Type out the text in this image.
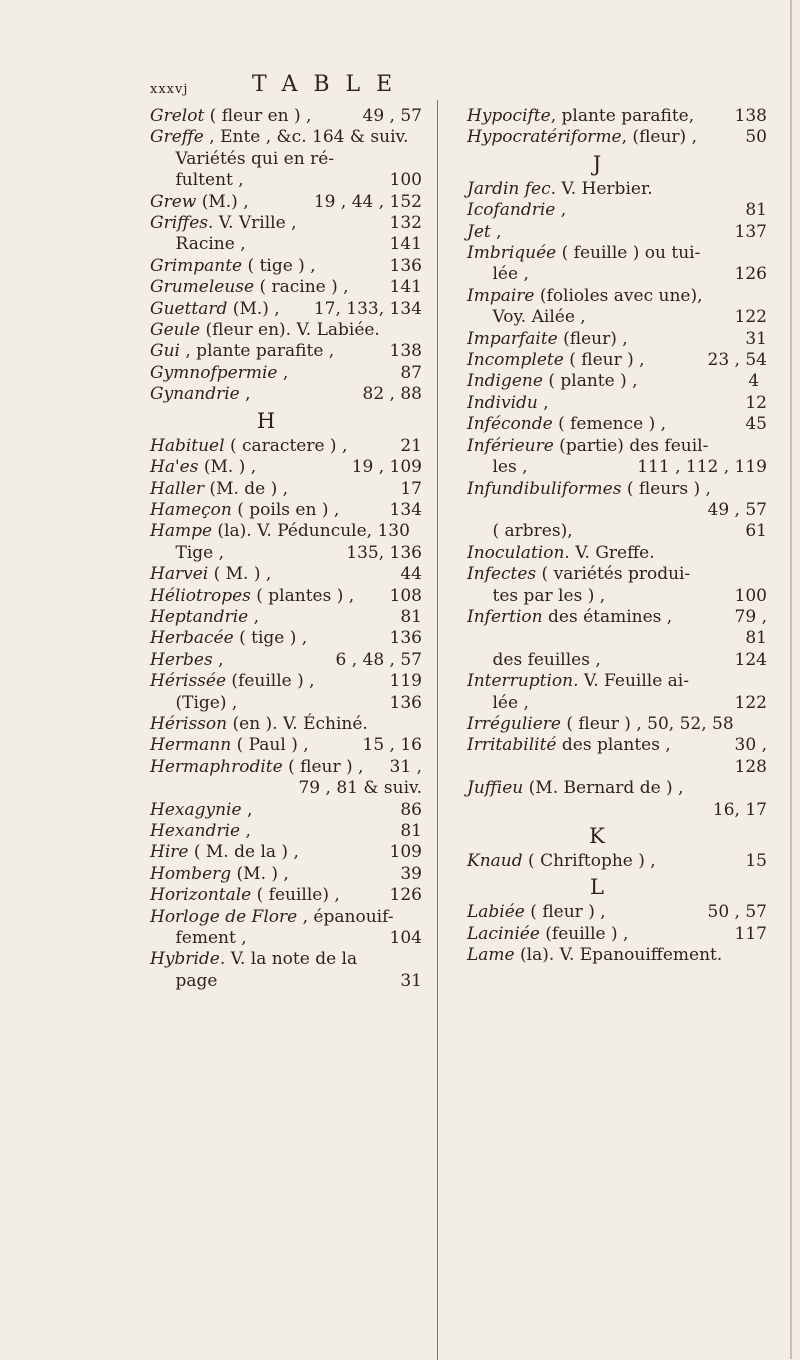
xxxvj	TABLE
Grelot ( fleur en ) ,	49 , 57
Greffe , Ente , &c. 164 & suiv.
Variétés qui en ré-
fultent ,	100
Grew (M.) ,	19 , 44 , 152
Griffes. V. Vrille ,	132
Racine ,	141
Grimpante ( tige ) ,	136
Grumeleuse ( racine ) , 141
Guettard (M.) , 17, 133, 134
Geule (fleur en). V. Labiée.
Gui , plante parafite ,	138
Gymnofpermie ,	87
Gynandrie ,	82 , 88
H
Habituel ( caractere ) ,	21
Ha'es (M. ) ,	19 , 109
Haller (M. de ) ,	17
Hameçon ( poils en ) ,	134
Hampe (la). V. Péduncule, 130
Tige ,	135, 136
Harvei ( M. ) ,	44
Héliotropes ( plantes ) , 108
Heptandrie ,	81
Herbacée ( tige ) ,	136
Herbes ,	6 , 48 , 57
Hérissée (feuille ) ,	119
(Tige) ,	136
Hérisson (en ). V. Échiné.
Hermann ( Paul ) ,	15 , 16
Hermaphrodite ( fleur ) , 31 ,
79 , 81 & suiv.
Hexagynie ,	86
Hexandrie ,	81
Hire ( M. de la ) ,	109
Homberg (M. ) ,	39
Horizontale ( feuille) ,	126
Horloge de Flore , épanouif-
fement ,	104
Hybride. V. la note de la
page	31
Hypocifte, plante parafite, 138
Hypocratériforme, (fleur) ,	50
J
Jardin fec. V. Herbier.
Icofandrie ,	81
Jet ,	137
Imbriquée ( feuille ) ou tui-
lée ,	126
Impaire (folioles avec une),
Voy. Ailée ,	122
Imparfaite (fleur) ,	31
Incomplete ( fleur ) ,	23 , 54
Indigene ( plante ) ,	4
Individu ,	12
Inféconde ( femence ) ,	45
Inférieure (partie) des feuil-
les ,	111 , 112 , 119
Infundibuliformes ( fleurs ) ,
49 , 57
( arbres),	61
Inoculation. V. Greffe.
Infectes ( variétés produi-
tes par les ) ,	100
Infertion des étamines ,	79 ,
81
des feuilles ,	124
Interruption. V. Feuille ai-
lée ,	122
Irréguliere ( fleur ) , 50, 52, 58
Irritabilité des plantes ,	30 ,
128
Juffieu (M. Bernard de ) ,
16, 17
K
Knaud ( Chriftophe ) ,	15
L
Labiée ( fleur ) ,	50 , 57
Laciniée (feuille ) ,	117
Lame (la). V. Epanouiffement.
